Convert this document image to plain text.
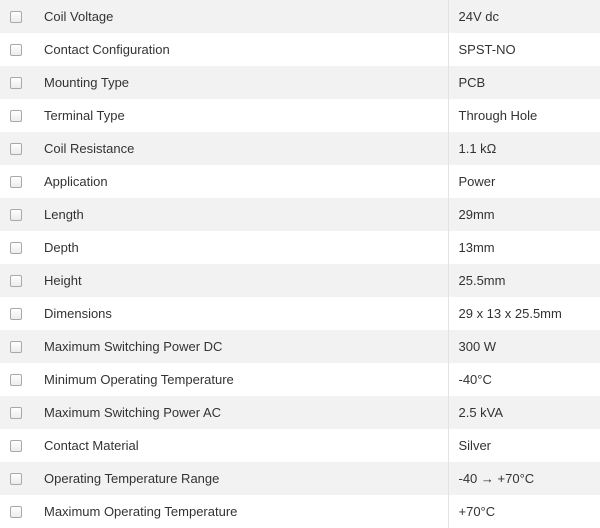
	Coil Voltage	24V dc

	Contact Configuration	SPST-NO

	Mounting Type	PCB

	Terminal Type	Through Hole

	Coil Resistance	1.1 kΩ

	Application	Power

	Length	29mm

	Depth	13mm

	Height	25.5mm

	Dimensions	29 x 13 x 25.5mm

	Maximum Switching Power DC	300 W

	Minimum Operating Temperature	-40°C

	Maximum Switching Power AC	2.5 kVA

	Contact Material	Silver

	Operating Temperature Range	-40 → +70°C

	Maximum Operating Temperature	+70°C
